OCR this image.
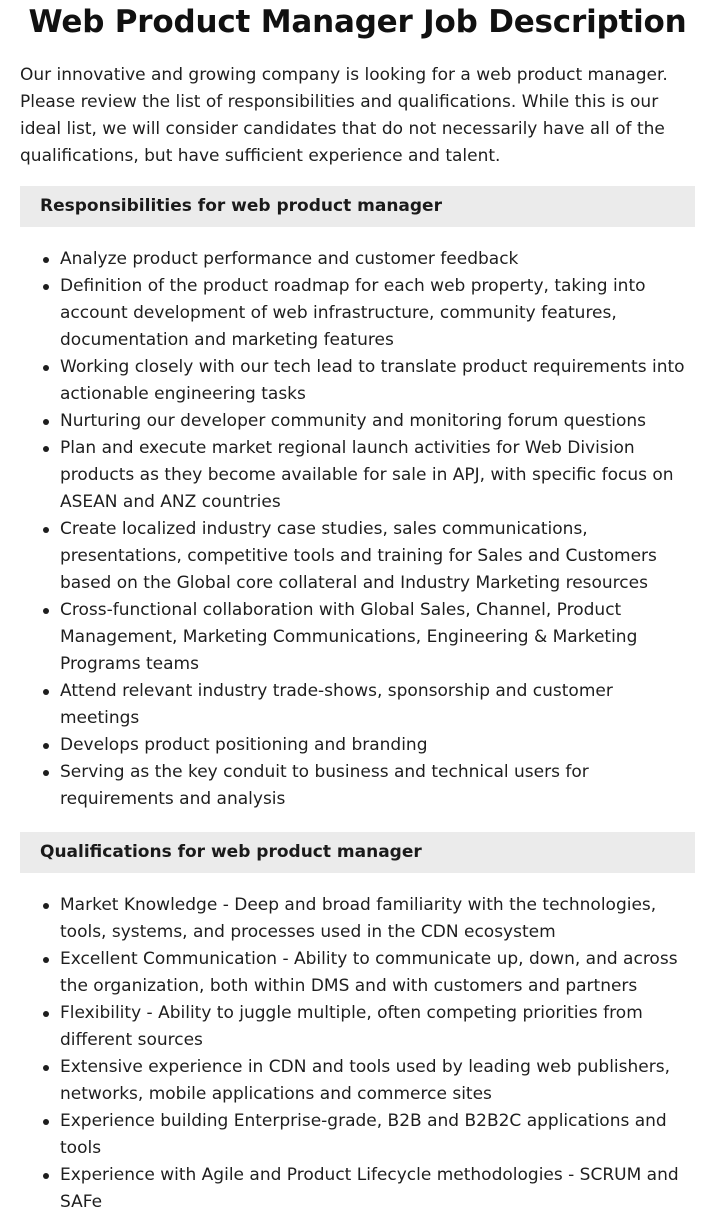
Web Product Manager Job Description

Our innovative and growing company is looking for a web product manager. Please review the list of responsibilities and qualifications. While this is our ideal list, we will consider candidates that do not necessarily have all of the qualifications, but have sufficient experience and talent.

Responsibilities for web product manager
Analyze product performance and customer feedback
Definition of the product roadmap for each web property, taking into account development of web infrastructure, community features, documentation and marketing features
Working closely with our tech lead to translate product requirements into actionable engineering tasks
Nurturing our developer community and monitoring forum questions
Plan and execute market regional launch activities for Web Division products as they become available for sale in APJ, with specific focus on ASEAN and ANZ countries
Create localized industry case studies, sales communications, presentations, competitive tools and training for Sales and Customers based on the Global core collateral and Industry Marketing resources
Cross-functional collaboration with Global Sales, Channel, Product Management, Marketing Communications, Engineering & Marketing Programs teams
Attend relevant industry trade-shows, sponsorship and customer meetings
Develops product positioning and branding
Serving as the key conduit to business and technical users for requirements and analysis
Qualifications for web product manager
Market Knowledge - Deep and broad familiarity with the technologies, tools, systems, and processes used in the CDN ecosystem
Excellent Communication - Ability to communicate up, down, and across the organization, both within DMS and with customers and partners
Flexibility - Ability to juggle multiple, often competing priorities from different sources
Extensive experience in CDN and tools used by leading web publishers, networks, mobile applications and commerce sites
Experience building Enterprise-grade, B2B and B2B2C applications and tools
Experience with Agile and Product Lifecycle methodologies - SCRUM and SAFe
